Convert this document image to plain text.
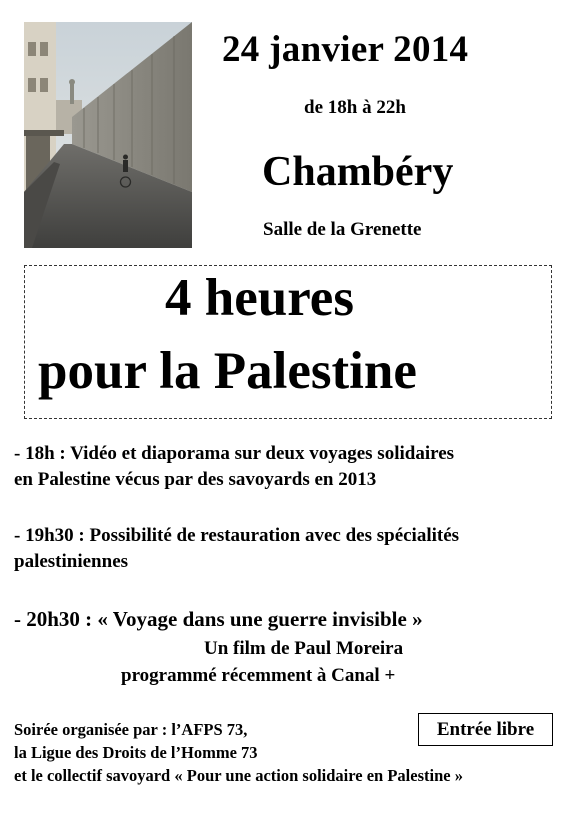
24 janvier 2014
de 18h à 22h
Chambéry
Salle de la Grenette
4 heures
pour la Palestine
- 18h : Vidéo et diaporama sur deux voyages solidaires
en Palestine vécus par des savoyards en 2013
- 19h30 : Possibilité de restauration avec des spécialités
palestiniennes
- 20h30 : « Voyage dans une guerre invisible »
Un film de Paul Moreira
programmé récemment à Canal +
Soirée organisée par : l’AFPS 73,
la Ligue des Droits de l’Homme 73
et le collectif savoyard « Pour une action solidaire en Palestine »
Entrée libre
